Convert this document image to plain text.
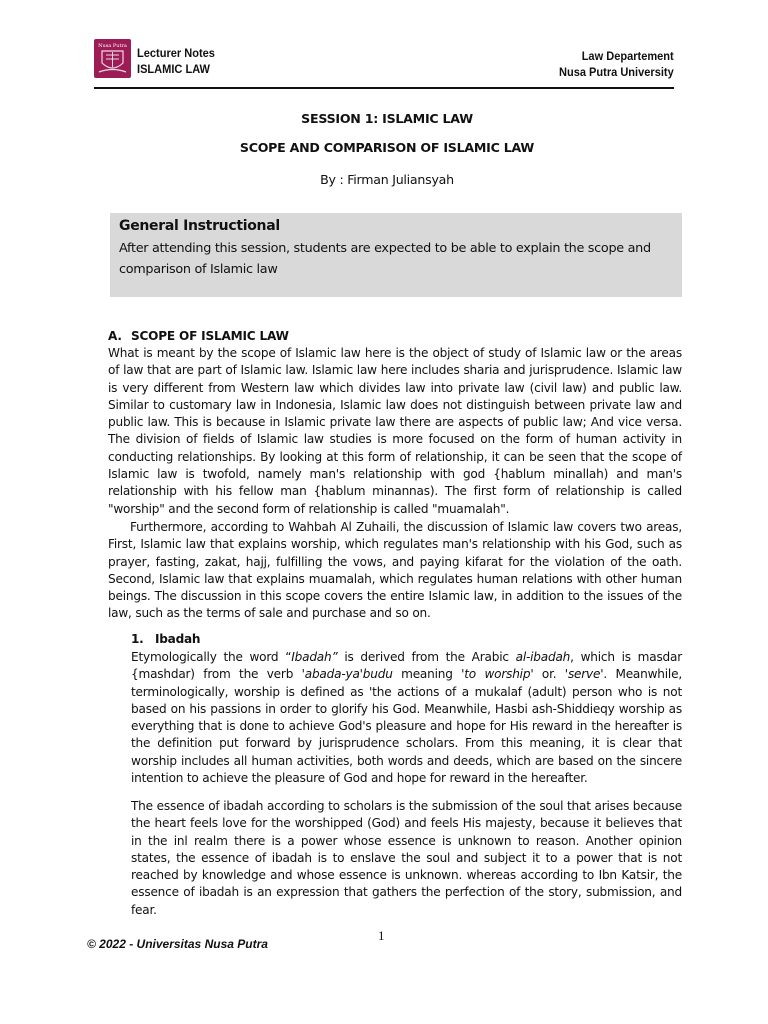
Nusa Putra Lecturer Notes
ISLAMIC LAW
Law Departement
Nusa Putra University
SESSION 1: ISLAMIC LAW
SCOPE AND COMPARISON OF ISLAMIC LAW
By : Firman Juliansyah
General Instructional
After attending this session, students are expected to be able to explain the scope and comparison of Islamic law
A. SCOPE OF ISLAMIC LAW
What is meant by the scope of Islamic law here is the object of study of Islamic law or the areas of law that are part of Islamic law. Islamic law here includes sharia and jurisprudence. Islamic law is very different from Western law which divides law into private law (civil law) and public law. Similar to customary law in Indonesia, Islamic law does not distinguish between private law and public law. This is because in Islamic private law there are aspects of public law; And vice versa. The division of fields of Islamic law studies is more focused on the form of human activity in conducting relationships. By looking at this form of relationship, it can be seen that the scope of Islamic law is twofold, namely man's relationship with god {hablum minallah) and man's relationship with his fellow man {hablum minannas). The first form of relationship is called "worship" and the second form of relationship is called "muamalah".
Furthermore, according to Wahbah Al Zuhaili, the discussion of Islamic law covers two areas, First, Islamic law that explains worship, which regulates man's relationship with his God, such as prayer, fasting, zakat, hajj, fulfilling the vows, and paying kifarat for the violation of the oath. Second, Islamic law that explains muamalah, which regulates human relations with other human beings. The discussion in this scope covers the entire Islamic law, in addition to the issues of the law, such as the terms of sale and purchase and so on.
1. Ibadah
Etymologically the word “Ibadah” is derived from the Arabic al-ibadah, which is masdar {mashdar) from the verb 'abada-ya'budu meaning 'to worship' or. 'serve'. Meanwhile, terminologically, worship is defined as 'the actions of a mukalaf (adult) person who is not based on his passions in order to glorify his God. Meanwhile, Hasbi ash-Shiddieqy worship as everything that is done to achieve God's pleasure and hope for His reward in the hereafter is the definition put forward by jurisprudence scholars. From this meaning, it is clear that worship includes all human activities, both words and deeds, which are based on the sincere intention to achieve the pleasure of God and hope for reward in the hereafter.
The essence of ibadah according to scholars is the submission of the soul that arises because the heart feels love for the worshipped (God) and feels His majesty, because it believes that in the inl realm there is a power whose essence is unknown to reason. Another opinion states, the essence of ibadah is to enslave the soul and subject it to a power that is not reached by knowledge and whose essence is unknown. whereas according to Ibn Katsir, the essence of ibadah is an expression that gathers the perfection of the story, submission, and fear.
1
© 2022 - Universitas Nusa Putra
